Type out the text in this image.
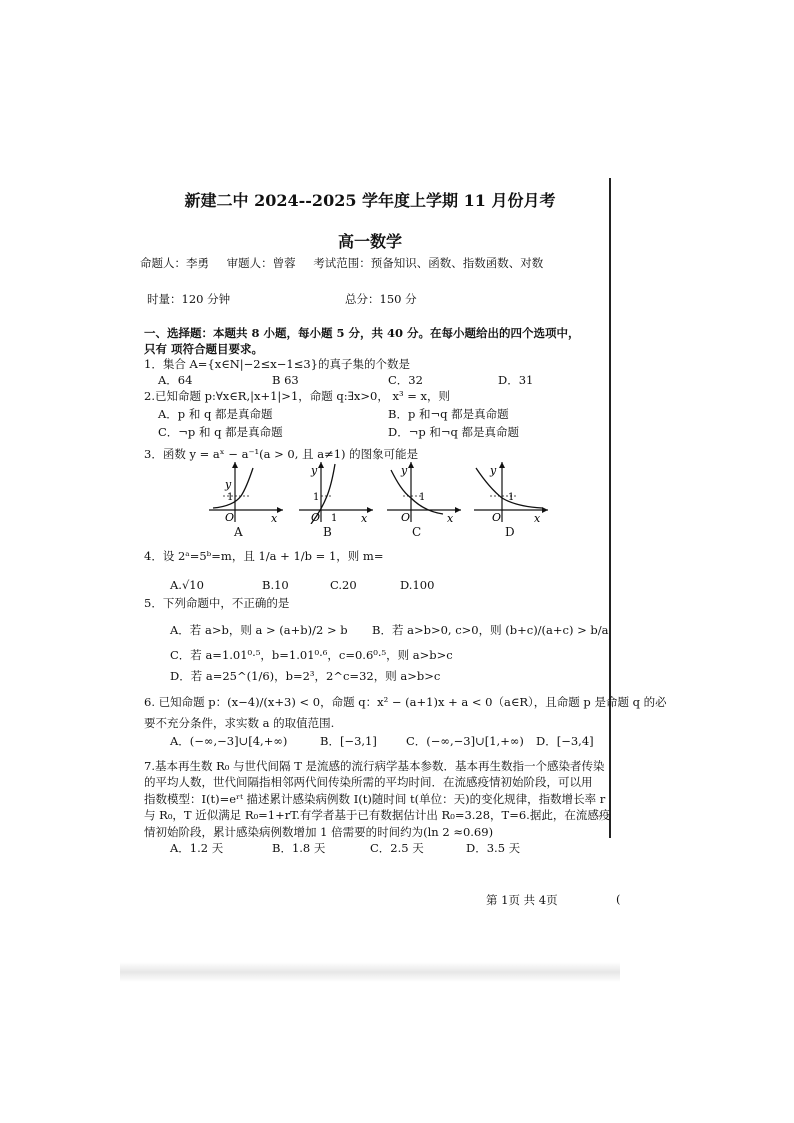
新建二中 2024--2025 学年度上学期 11 月份月考
高一数学
命题人：李勇 审题人：曾蓉 考试范围：预备知识、函数、指数函数、对数
时量：120 分钟	总分：150 分
一、选择题：本题共 8 小题，每小题 5 分，共 40 分。在每小题给出的四个选项中，
只有 项符合题目要求。
1．集合 A={x∈N|−2≤x−1≤3}的真子集的个数是
A．64	B 63	C．32	D．31
2.已知命题 p:∀x∈R,|x+1|>1，命题 q:∃x>0， x³ = x，则
A．p 和 q 都是真命题	B．p 和¬q 都是真命题
C．¬p 和 q 都是真命题	D．¬p 和¬q 都是真命题
3．函数 y = aˣ − a⁻¹(a > 0, 且 a≠1) 的图象可能是
y
1
O	x
y
1
O 1 x
y
1
O	x
y
1
O	x
A	B	C	D
4．设 2ᵃ=5ᵇ=m，且 1/a + 1/b = 1，则 m=
A.√10	B.10	C.20	D.100
5．下列命题中，不正确的是
A．若 a>b，则 a > (a+b)/2 > b B．若 a>b>0, c>0，则 (b+c)/(a+c) > b/a
C．若 a=1.01⁰·⁵，b=1.01⁰·⁶，c=0.6⁰·⁵，则 a>b>c
D．若 a=25^(1/6)，b=2³，2^c=32，则 a>b>c
6. 已知命题 p：(x−4)/(x+3) < 0，命题 q：x² − (a+1)x + a < 0（a∈R），且命题 p 是命题 q 的必
要不充分条件，求实数 a 的取值范围.
A．(−∞,−3]∪[4,+∞)	B．[−3,1]	C．(−∞,−3]∪[1,+∞) D．[−3,4]
7.基本再生数 R₀ 与世代间隔 T 是流感的流行病学基本参数．基本再生数指一个感染者传染
的平均人数，世代间隔指相邻两代间传染所需的平均时间．在流感疫情初始阶段，可以用
指数模型：I(t)=eʳᵗ 描述累计感染病例数 I(t)随时间 t(单位：天)的变化规律，指数增长率 r
与 R₀，T 近似满足 R₀=1+rT.有学者基于已有数据估计出 R₀=3.28，T=6.据此，在流感疫
情初始阶段，累计感染病例数增加 1 倍需要的时间约为(ln 2 ≈0.69)
A．1.2 天	B．1.8 天	C．2.5 天	D．3.5 天
第 1页 共 4页	(
